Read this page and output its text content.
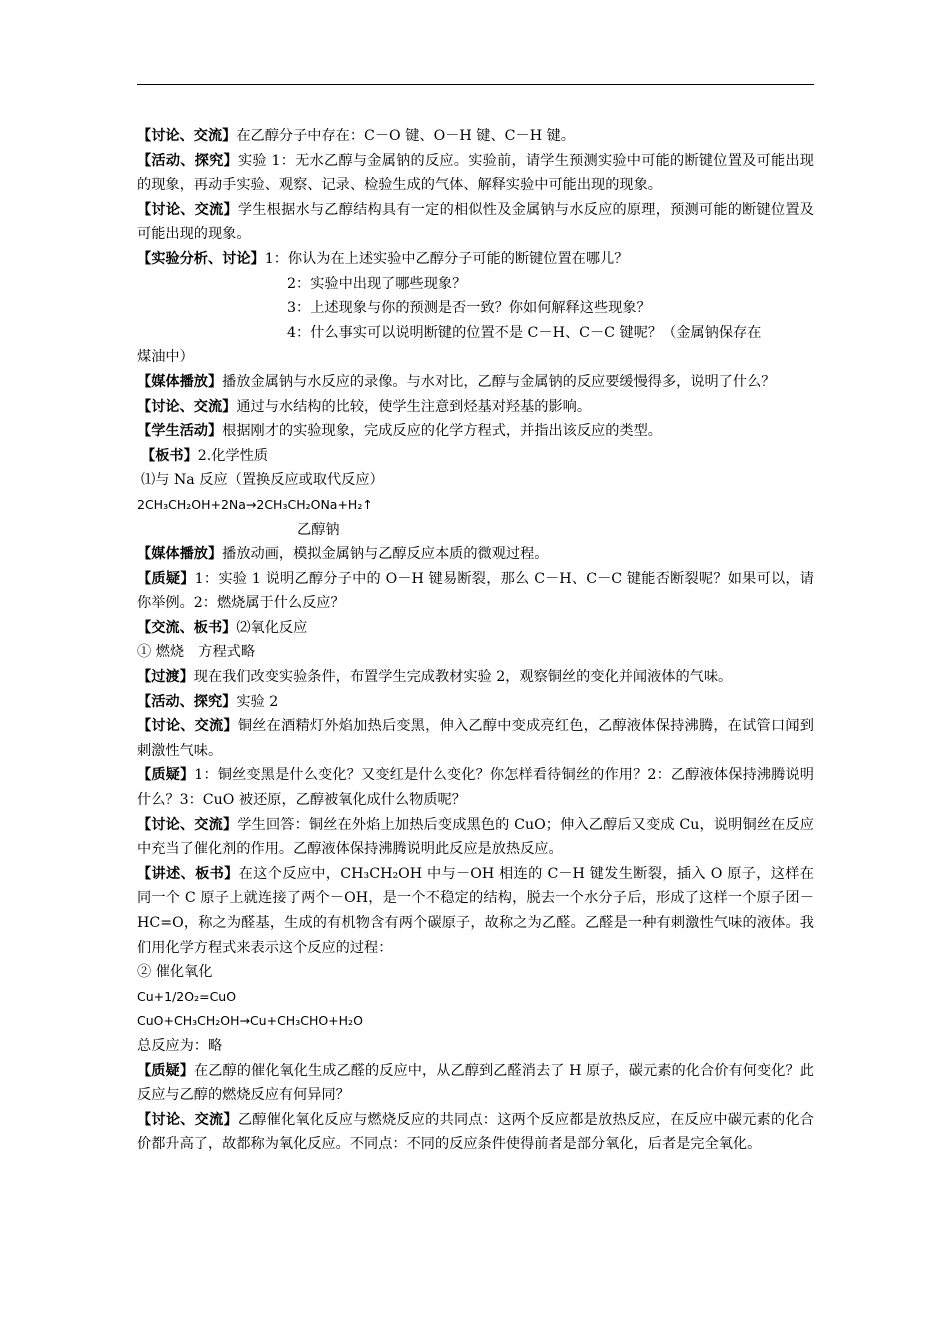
【讨论、交流】在乙醇分子中存在：C－O 键、O－H 键、C－H 键。

【活动、探究】实验 1：无水乙醇与金属钠的反应。实验前，请学生预测实验中可能的断键位置及可能出现的现象，再动手实验、观察、记录、检验生成的气体、解释实验中可能出现的现象。

【讨论、交流】学生根据水与乙醇结构具有一定的相似性及金属钠与水反应的原理，预测可能的断键位置及可能出现的现象。

【实验分析、讨论】1：你认为在上述实验中乙醇分子可能的断键位置在哪儿？

2：实验中出现了哪些现象？

3：上述现象与你的预测是否一致？你如何解释这些现象？

4：什么事实可以说明断键的位置不是 C－H、C－C 键呢？（金属钠保存在

煤油中）

【媒体播放】播放金属钠与水反应的录像。与水对比，乙醇与金属钠的反应要缓慢得多，说明了什么？

【讨论、交流】通过与水结构的比较，使学生注意到烃基对羟基的影响。

【学生活动】根据刚才的实验现象，完成反应的化学方程式，并指出该反应的类型。

【板书】2.化学性质

⑴与 Na 反应（置换反应或取代反应）

2CH₃CH₂OH+2Na→2CH₃CH₂ONa+H₂↑

乙醇钠

【媒体播放】播放动画，模拟金属钠与乙醇反应本质的微观过程。

【质疑】1：实验 1 说明乙醇分子中的 O－H 键易断裂，那么 C－H、C－C 键能否断裂呢？如果可以，请你举例。2：燃烧属于什么反应？

【交流、板书】⑵氧化反应

① 燃烧　方程式略

【过渡】现在我们改变实验条件，布置学生完成教材实验 2，观察铜丝的变化并闻液体的气味。

【活动、探究】实验 2

【讨论、交流】铜丝在酒精灯外焰加热后变黑，伸入乙醇中变成亮红色，乙醇液体保持沸腾，在试管口闻到刺激性气味。

【质疑】1：铜丝变黑是什么变化？又变红是什么变化？你怎样看待铜丝的作用？2：乙醇液体保持沸腾说明什么？3：CuO 被还原，乙醇被氧化成什么物质呢？

【讨论、交流】学生回答：铜丝在外焰上加热后变成黑色的 CuO；伸入乙醇后又变成 Cu，说明铜丝在反应中充当了催化剂的作用。乙醇液体保持沸腾说明此反应是放热反应。

【讲述、板书】在这个反应中，CH₃CH₂OH 中与－OH 相连的 C－H 键发生断裂，插入 O 原子，这样在同一个 C 原子上就连接了两个－OH，是一个不稳定的结构，脱去一个水分子后，形成了这样一个原子团－HC=O，称之为醛基，生成的有机物含有两个碳原子，故称之为乙醛。乙醛是一种有刺激性气味的液体。我们用化学方程式来表示这个反应的过程：

② 催化氧化

Cu+1/2O₂=CuO

CuO+CH₃CH₂OH→Cu+CH₃CHO+H₂O

总反应为：略

【质疑】在乙醇的催化氧化生成乙醛的反应中，从乙醇到乙醛消去了 H 原子，碳元素的化合价有何变化？此反应与乙醇的燃烧反应有何异同？

【讨论、交流】乙醇催化氧化反应与燃烧反应的共同点：这两个反应都是放热反应，在反应中碳元素的化合价都升高了，故都称为氧化反应。不同点：不同的反应条件使得前者是部分氧化，后者是完全氧化。
